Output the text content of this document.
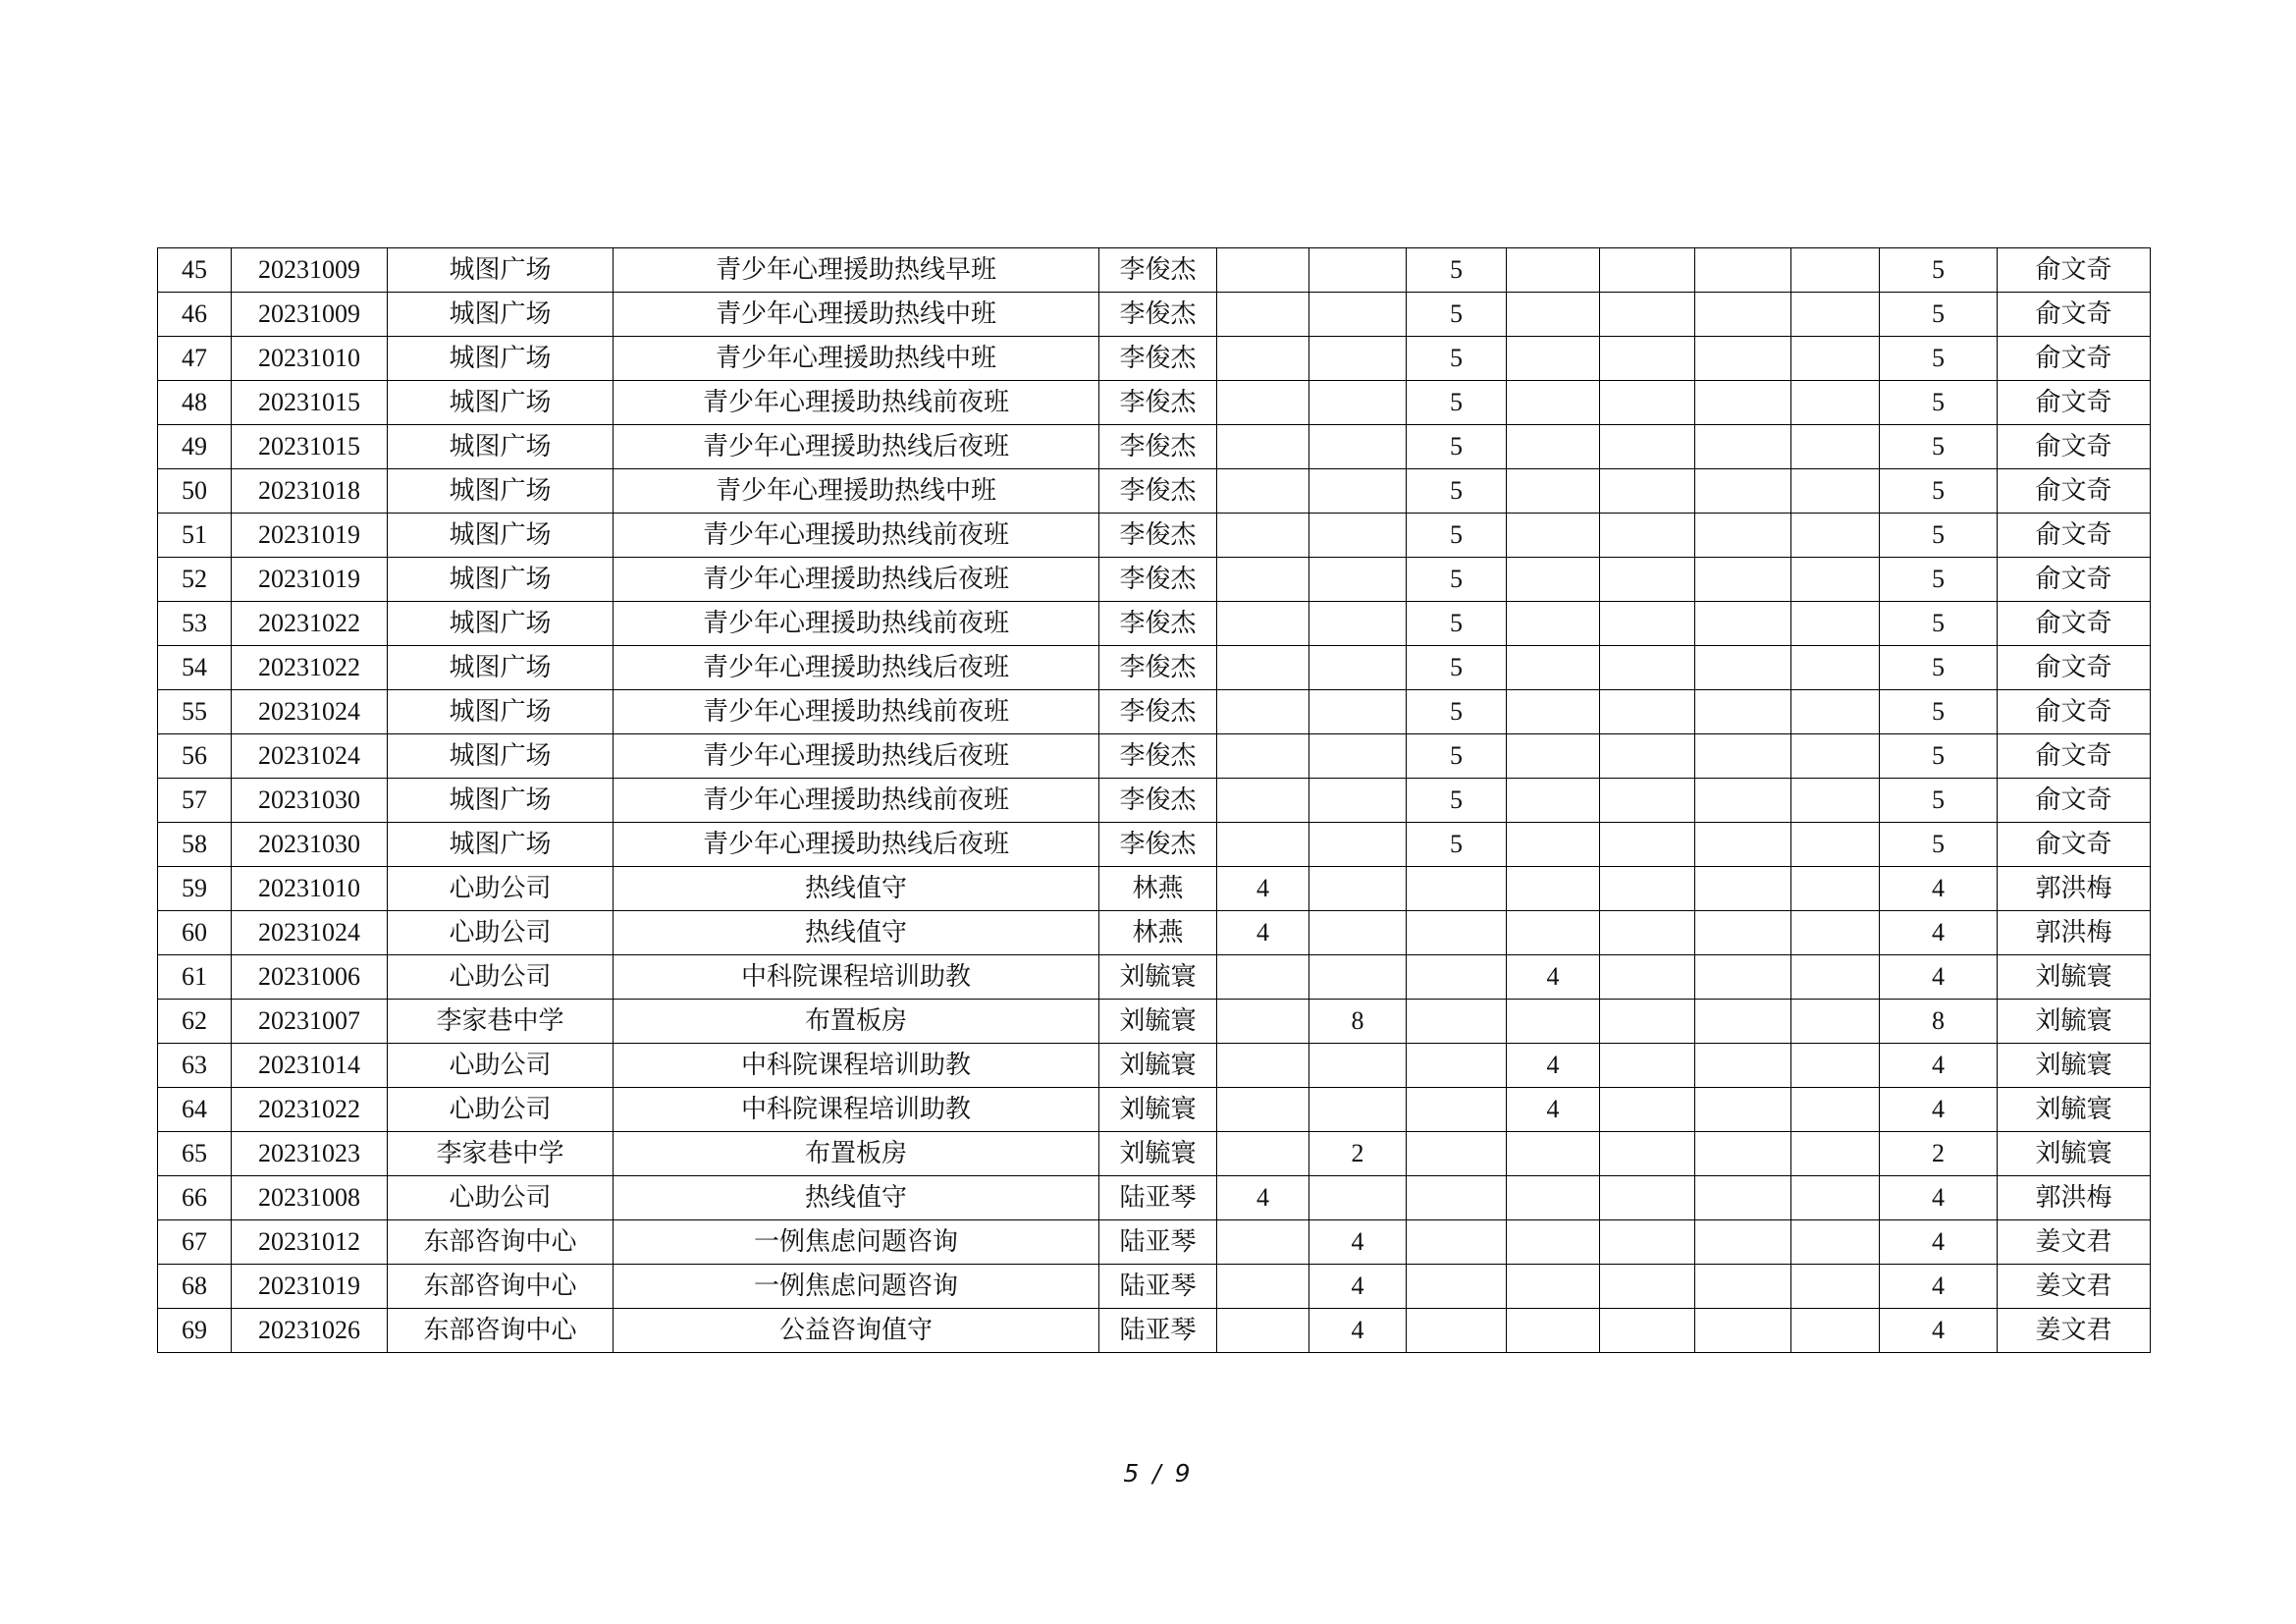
45	20231009	城图广场	青少年心理援助热线早班	李俊杰			5					5	俞文奇
46	20231009	城图广场	青少年心理援助热线中班	李俊杰			5					5	俞文奇
47	20231010	城图广场	青少年心理援助热线中班	李俊杰			5					5	俞文奇
48	20231015	城图广场	青少年心理援助热线前夜班	李俊杰			5					5	俞文奇
49	20231015	城图广场	青少年心理援助热线后夜班	李俊杰			5					5	俞文奇
50	20231018	城图广场	青少年心理援助热线中班	李俊杰			5					5	俞文奇
51	20231019	城图广场	青少年心理援助热线前夜班	李俊杰			5					5	俞文奇
52	20231019	城图广场	青少年心理援助热线后夜班	李俊杰			5					5	俞文奇
53	20231022	城图广场	青少年心理援助热线前夜班	李俊杰			5					5	俞文奇
54	20231022	城图广场	青少年心理援助热线后夜班	李俊杰			5					5	俞文奇
55	20231024	城图广场	青少年心理援助热线前夜班	李俊杰			5					5	俞文奇
56	20231024	城图广场	青少年心理援助热线后夜班	李俊杰			5					5	俞文奇
57	20231030	城图广场	青少年心理援助热线前夜班	李俊杰			5					5	俞文奇
58	20231030	城图广场	青少年心理援助热线后夜班	李俊杰			5					5	俞文奇
59	20231010	心助公司	热线值守	林燕	4							4	郭洪梅
60	20231024	心助公司	热线值守	林燕	4							4	郭洪梅
61	20231006	心助公司	中科院课程培训助教	刘毓寰				4				4	刘毓寰
62	20231007	李家巷中学	布置板房	刘毓寰		8						8	刘毓寰
63	20231014	心助公司	中科院课程培训助教	刘毓寰				4				4	刘毓寰
64	20231022	心助公司	中科院课程培训助教	刘毓寰				4				4	刘毓寰
65	20231023	李家巷中学	布置板房	刘毓寰		2						2	刘毓寰
66	20231008	心助公司	热线值守	陆亚琴	4							4	郭洪梅
67	20231012	东部咨询中心	一例焦虑问题咨询	陆亚琴		4						4	姜文君
68	20231019	东部咨询中心	一例焦虑问题咨询	陆亚琴		4						4	姜文君
69	20231026	东部咨询中心	公益咨询值守	陆亚琴		4						4	姜文君
5 / 9
